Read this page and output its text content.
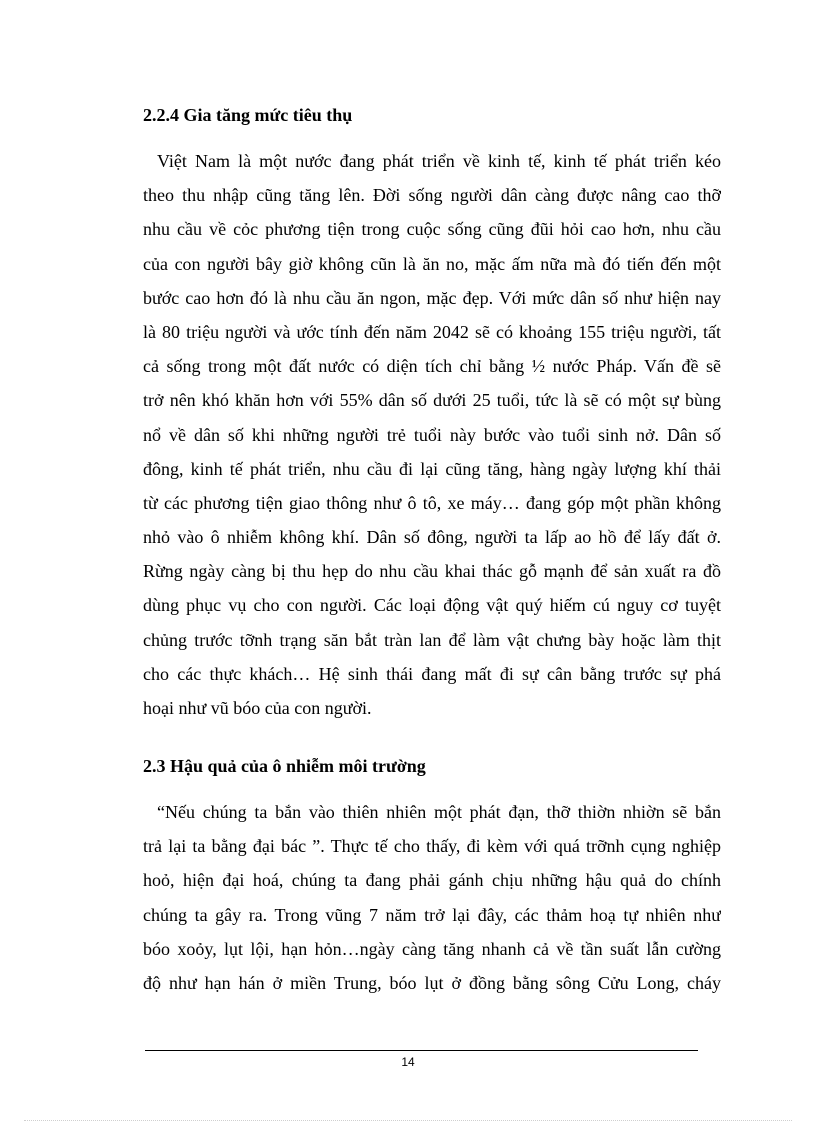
2.2.4 Gia tăng mức tiêu thụ
Việt Nam là một nước đang phát triển về kinh tế, kinh tế phát triển kéo
theo thu nhập cũng tăng lên. Đời sống người dân càng được nâng cao thỡ
nhu cầu về cỏc phương tiện trong cuộc sống cũng đũi hỏi cao hơn, nhu cầu
của con người bây giờ không cũn là ăn no, mặc ấm nữa mà đó tiến đến một
bước cao hơn đó là nhu cầu ăn ngon, mặc đẹp. Với mức dân số như hiện nay
là 80 triệu người và ước tính đến năm 2042 sẽ có khoảng 155 triệu người, tất
cả sống trong một đất nước có diện tích chỉ bằng ½ nước Pháp. Vấn đề sẽ
trở nên khó khăn hơn với 55% dân số dưới 25 tuổi, tức là sẽ có một sự bùng
nổ về dân số khi những người trẻ tuổi này bước vào tuổi sinh nở. Dân số
đông, kinh tế phát triển, nhu cầu đi lại cũng tăng, hàng ngày lượng khí thải
từ các phương tiện giao thông như ô tô, xe máy… đang góp một phần không
nhỏ vào ô nhiễm không khí. Dân số đông, người ta lấp ao hồ để lấy đất ở.
Rừng ngày càng bị thu hẹp do nhu cầu khai thác gỗ mạnh để sản xuất ra đồ
dùng phục vụ cho con người. Các loại động vật quý hiếm cú nguy cơ tuyệt
chủng trước tỡnh trạng săn bắt tràn lan để làm vật chưng bày hoặc làm thịt
cho các thực khách… Hệ sinh thái đang mất đi sự cân bằng trước sự phá
hoại như vũ bóo của con người.
2.3 Hậu quả của ô nhiễm môi trường
“Nếu chúng ta bắn vào thiên nhiên một phát đạn, thỡ thiờn nhiờn sẽ bắn
trả lại ta bằng đại bác ”. Thực tế cho thấy, đi kèm với quá trỡnh cụng nghiệp
hoỏ, hiện đại hoá, chúng ta đang phải gánh chịu những hậu quả do chính
chúng ta gây ra. Trong vũng 7 năm trở lại đây, các thảm hoạ tự nhiên như
bóo xoỏy, lụt lội, hạn hỏn…ngày càng tăng nhanh cả về tần suất lẫn cường
độ như hạn hán ở miền Trung, bóo lụt ở đồng bằng sông Cửu Long, cháy
14
